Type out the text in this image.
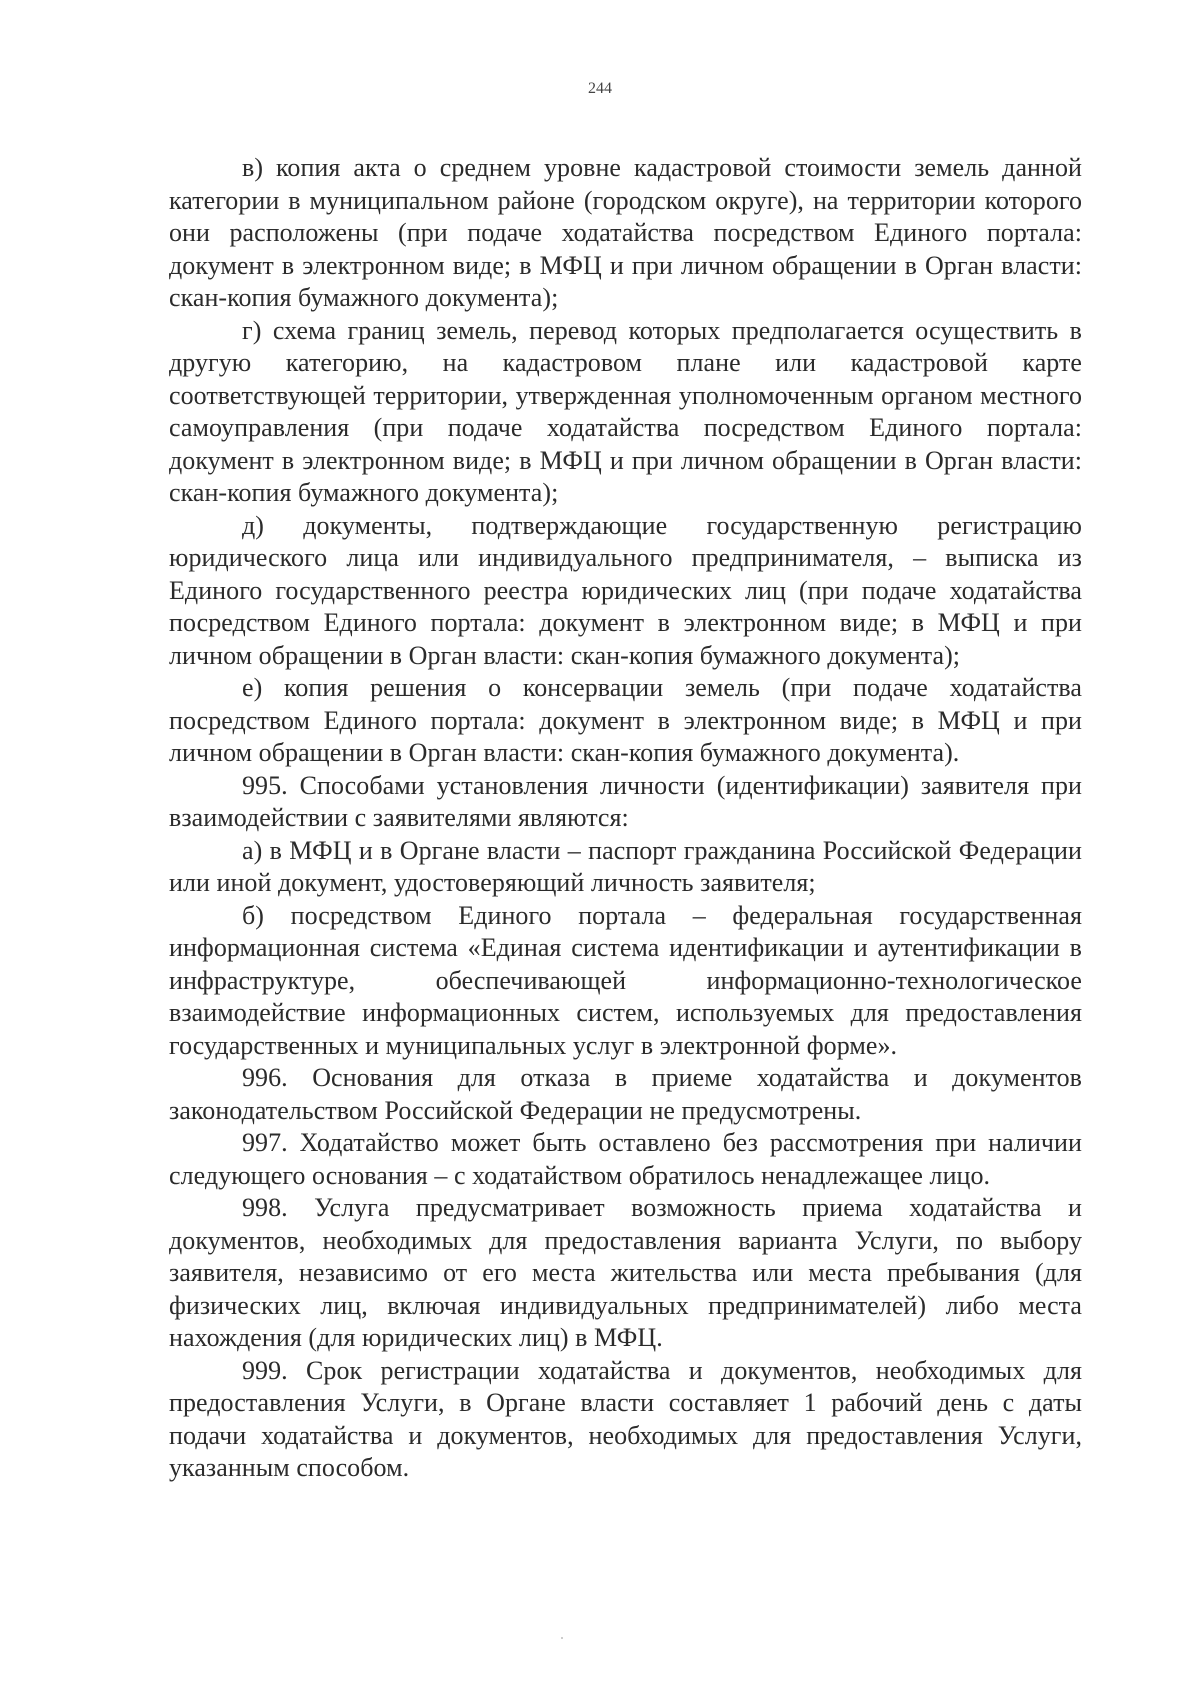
244

в) копия акта о среднем уровне кадастровой стоимости земель данной категории в муниципальном районе (городском округе), на территории которого они расположены (при подаче ходатайства посредством Единого портала: документ в электронном виде; в МФЦ и при личном обращении в Орган власти: скан-копия бумажного документа);

г) схема границ земель, перевод которых предполагается осуществить в другую категорию, на кадастровом плане или кадастровой карте соответствующей территории, утвержденная уполномоченным органом местного самоуправления (при подаче ходатайства посредством Единого портала: документ в электронном виде; в МФЦ и при личном обращении в Орган власти: скан-копия бумажного документа);

д) документы, подтверждающие государственную регистрацию юридического лица или индивидуального предпринимателя, – выписка из Единого государственного реестра юридических лиц (при подаче ходатайства посредством Единого портала: документ в электронном виде; в МФЦ и при личном обращении в Орган власти: скан-копия бумажного документа);

е) копия решения о консервации земель (при подаче ходатайства посредством Единого портала: документ в электронном виде; в МФЦ и при личном обращении в Орган власти: скан-копия бумажного документа).

995. Способами установления личности (идентификации) заявителя при взаимодействии с заявителями являются:

а) в МФЦ и в Органе власти – паспорт гражданина Российской Федерации или иной документ, удостоверяющий личность заявителя;

б) посредством Единого портала – федеральная государственная информационная система «Единая система идентификации и аутентификации в инфраструктуре, обеспечивающей информационно-технологическое взаимодействие информационных систем, используемых для предоставления государственных и муниципальных услуг в электронной форме».

996. Основания для отказа в приеме ходатайства и документов законодательством Российской Федерации не предусмотрены.

997. Ходатайство может быть оставлено без рассмотрения при наличии следующего основания – с ходатайством обратилось ненадлежащее лицо.

998. Услуга предусматривает возможность приема ходатайства и документов, необходимых для предоставления варианта Услуги, по выбору заявителя, независимо от его места жительства или места пребывания (для физических лиц, включая индивидуальных предпринимателей) либо места нахождения (для юридических лиц) в МФЦ.

999. Срок регистрации ходатайства и документов, необходимых для предоставления Услуги, в Органе власти составляет 1 рабочий день с даты подачи ходатайства и документов, необходимых для предоставления Услуги, указанным способом.
